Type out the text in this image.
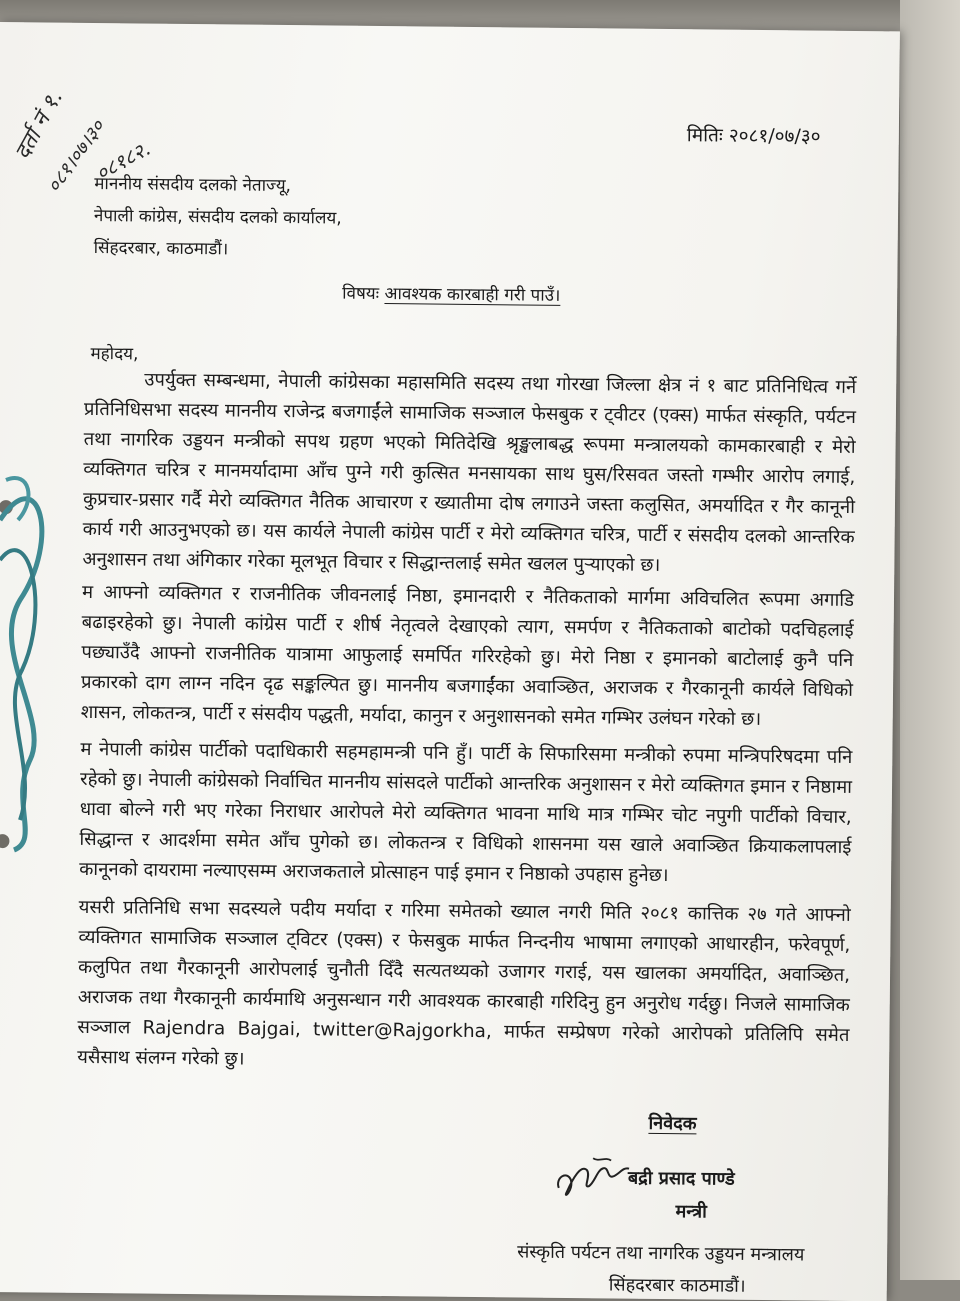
दर्ता नं १.
०८१।०७।३०
०८१८२.
मितिः २०८१/०७/३०
माननीय संसदीय दलको नेताज्यू,
नेपाली कांग्रेस, संसदीय दलको कार्यालय,
सिंहदरबार, काठमाडौं।
विषयः आवश्यक कारबाही गरी पाउँ।
महोदय,

उपर्युक्त सम्बन्धमा, नेपाली कांग्रेसका महासमिति सदस्य तथा गोरखा जिल्ला क्षेत्र नं १ बाट प्रतिनिधित्व गर्ने प्रतिनिधिसभा सदस्य माननीय राजेन्द्र बजगाईंले सामाजिक सञ्जाल फेसबुक र ट्वीटर (एक्स) मार्फत संस्कृति, पर्यटन तथा नागरिक उड्डयन मन्त्रीको सपथ ग्रहण भएको मितिदेखि श्रृङ्खलाबद्ध रूपमा मन्त्रालयको कामकारबाही र मेरो व्यक्तिगत चरित्र र मानमर्यादामा आँच पुग्ने गरी कुत्सित मनसायका साथ घुस/रिसवत जस्तो गम्भीर आरोप लगाई, कुप्रचार-प्रसार गर्दै मेरो व्यक्तिगत नैतिक आचारण र ख्यातीमा दोष लगाउने जस्ता कलुसित, अमर्यादित र गैर कानूनी कार्य गरी आउनुभएको छ। यस कार्यले नेपाली कांग्रेस पार्टी र मेरो व्यक्तिगत चरित्र, पार्टी र संसदीय दलको आन्तरिक अनुशासन तथा अंगिकार गरेका मूलभूत विचार र सिद्धान्तलाई समेत खलल पुर्‍याएको छ।

म आफ्नो व्यक्तिगत र राजनीतिक जीवनलाई निष्ठा, इमानदारी र नैतिकताको मार्गमा अविचलित रूपमा अगाडि बढाइरहेको छु। नेपाली कांग्रेस पार्टी र शीर्ष नेतृत्वले देखाएको त्याग, समर्पण र नैतिकताको बाटोको पदचिहलाई पछ्याउँदै आफ्नो राजनीतिक यात्रामा आफुलाई समर्पित गरिरहेको छु। मेरो निष्ठा र इमानको बाटोलाई कुनै पनि प्रकारको दाग लाग्न नदिन दृढ सङ्कल्पित छु। माननीय बजगाईंका अवाञ्छित, अराजक र गैरकानूनी कार्यले विधिको शासन, लोकतन्त्र, पार्टी र संसदीय पद्धती, मर्यादा, कानुन र अनुशासनको समेत गम्भिर उलंघन गरेको छ।

म नेपाली कांग्रेस पार्टीको पदाधिकारी सहमहामन्त्री पनि हुँ। पार्टी के सिफारिसमा मन्त्रीको रुपमा मन्त्रिपरिषदमा पनि रहेको छु। नेपाली कांग्रेसको निर्वाचित माननीय सांसदले पार्टीको आन्तरिक अनुशासन र मेरो व्यक्तिगत इमान र निष्ठामा धावा बोल्ने गरी भए गरेका निराधार आरोपले मेरो व्यक्तिगत भावना माथि मात्र गम्भिर चोट नपुगी पार्टीको विचार, सिद्धान्त र आदर्शमा समेत आँच पुगेको छ। लोकतन्त्र र विधिको शासनमा यस खाले अवाञ्छित क्रियाकलापलाई कानूनको दायरामा नल्याएसम्म अराजकताले प्रोत्साहन पाई इमान र निष्ठाको उपहास हुनेछ।

यसरी प्रतिनिधि सभा सदस्यले पदीय मर्यादा र गरिमा समेतको ख्याल नगरी मिति २०८१ कात्तिक २७ गते आफ्नो व्यक्तिगत सामाजिक सञ्जाल ट्विटर (एक्स) र फेसबुक मार्फत निन्दनीय भाषामा लगाएको आधारहीन, फरेवपूर्ण, कलुपित तथा गैरकानूनी आरोपलाई चुनौती दिँदै सत्यतथ्यको उजागर गराई, यस खालका अमर्यादित, अवाञ्छित, अराजक तथा गैरकानूनी कार्यमाथि अनुसन्धान गरी आवश्यक कारबाही गरिदिनु हुन अनुरोध गर्दछु। निजले सामाजिक सञ्जाल Rajendra Bajgai, twitter@Rajgorkha, मार्फत सम्प्रेषण गरेको आरोपको प्रतिलिपि समेत यसैसाथ संलग्न गरेको छु।

निवेदक
बद्री प्रसाद पाण्डे
मन्त्री
संस्कृति पर्यटन तथा नागरिक उड्डयन मन्त्रालय
सिंहदरबार काठमाडौं।
